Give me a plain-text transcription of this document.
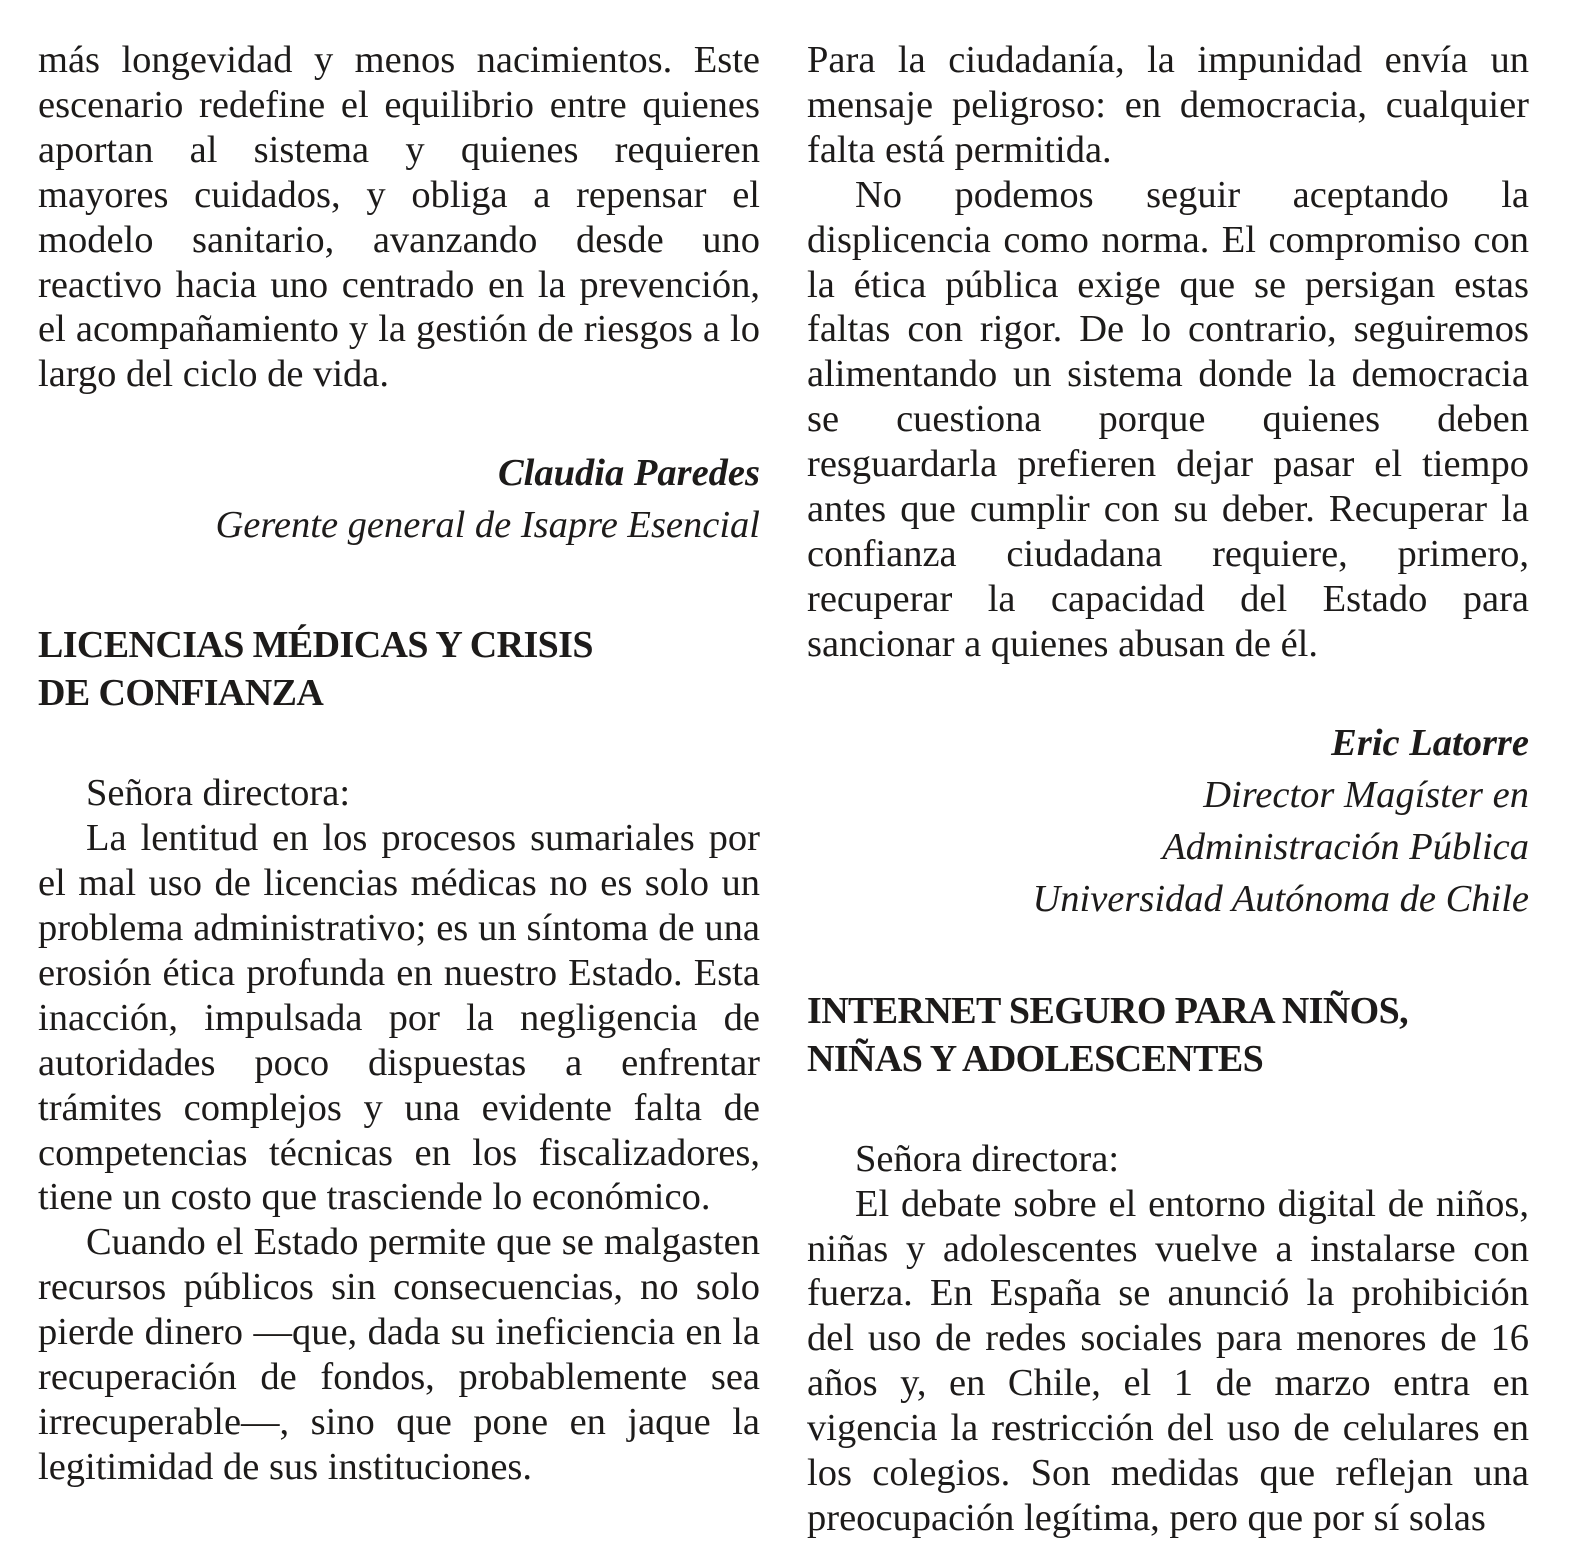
más longevidad y menos nacimientos. Este escenario redefine el equilibrio entre quienes aportan al sistema y quienes requieren mayores cuidados, y obliga a repensar el modelo sanitario, avanzando desde uno reactivo hacia uno centrado en la prevención, el acompañamiento y la gestión de riesgos a lo largo del ciclo de vida.

Claudia Paredes

Gerente general de Isapre Esencial

LICENCIAS MÉDICAS Y CRISIS

DE CONFIANZA

Señora directora:

La lentitud en los procesos sumariales por el mal uso de licencias médicas no es solo un problema administrativo; es un síntoma de una erosión ética profunda en nuestro Estado. Esta inacción, impulsada por la negligencia de autoridades poco dispuestas a enfrentar trámites complejos y una evidente falta de competencias técnicas en los fiscalizadores, tiene un costo que trasciende lo económico.

Cuando el Estado permite que se malgasten recursos públicos sin consecuencias, no solo pierde dinero —que, dada su ineficiencia en la recuperación de fondos, probablemente sea irrecuperable—, sino que pone en jaque la legitimidad de sus instituciones.

Para la ciudadanía, la impunidad envía un mensaje peligroso: en democracia, cualquier falta está permitida.

No podemos seguir aceptando la displicencia como norma. El compromiso con la ética pública exige que se persigan estas faltas con rigor. De lo contrario, seguiremos alimentando un sistema donde la democracia se cuestiona porque quienes deben resguardarla prefieren dejar pasar el tiempo antes que cumplir con su deber. Recuperar la confianza ciudadana requiere, primero, recuperar la capacidad del Estado para sancionar a quienes abusan de él.

Eric Latorre

Director Magíster en

Administración Pública

Universidad Autónoma de Chile

INTERNET SEGURO PARA NIÑOS,

NIÑAS Y ADOLESCENTES

Señora directora:

El debate sobre el entorno digital de niños, niñas y adolescentes vuelve a instalarse con fuerza. En España se anunció la prohibición del uso de redes sociales para menores de 16 años y, en Chile, el 1 de marzo entra en vigencia la restricción del uso de celulares en los colegios. Son medidas que reflejan una preocupación legítima, pero que por sí solas
